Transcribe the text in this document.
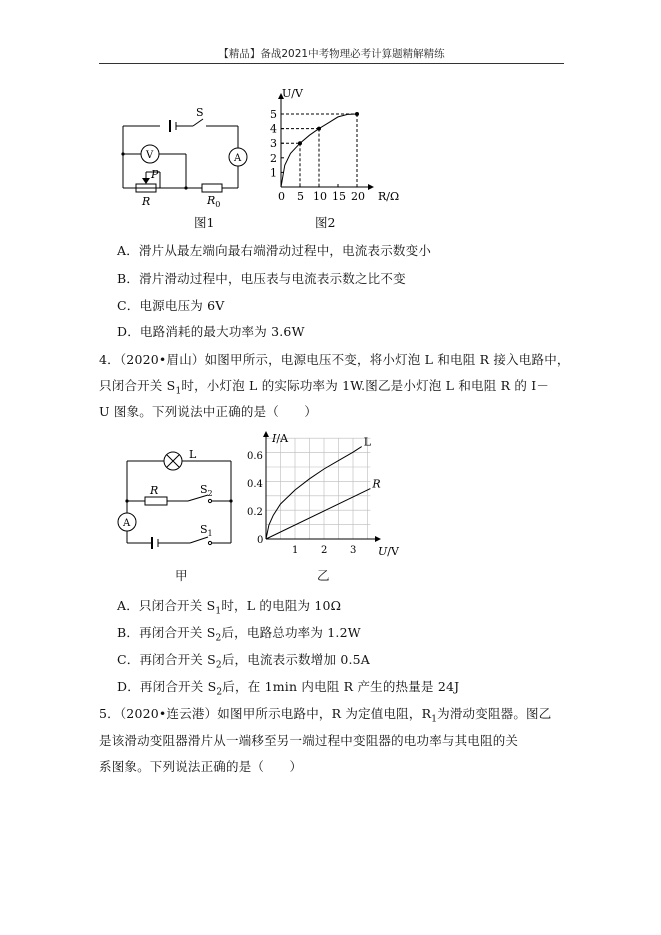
【精品】备战2021中考物理必考计算题精解精练
S
V	A
P
R	$R_0$
0 5 10 15 20
1
2
3
4
5
U/V
R/Ω
图1	图2
A．滑片从最左端向最右端滑动过程中，电流表示数变小
B．滑片滑动过程中，电压表与电流表示数之比不变
C．电源电压为 6V
D．电路消耗的最大功率为 3.6W
4．（2020•眉山）如图甲所示，电源电压不变，将小灯泡 L 和电阻 R 接入电路中，
只闭合开关 $S_1$时，小灯泡 L 的实际功率为 1W.图乙是小灯泡 L 和电阻 R 的 I－
U 图象。下列说法中正确的是（　　）
L
R	$S_2$
$S_1$
A
0
1 2 3
0.2
0.4
0.6
I/A
U/V
L
R
甲	乙
A．只闭合开关 $S_1$时，L 的电阻为 10Ω
B．再闭合开关 $S_2$后，电路总功率为 1.2W
C．再闭合开关 $S_2$后，电流表示数增加 0.5A
D．再闭合开关 $S_2$后，在 1min 内电阻 R 产生的热量是 24J
5．（2020•连云港）如图甲所示电路中，R 为定值电阻，$R_1$为滑动变阻器。图乙
是该滑动变阻器滑片从一端移至另一端过程中变阻器的电功率与其电阻的关
系图象。下列说法正确的是（　　）
